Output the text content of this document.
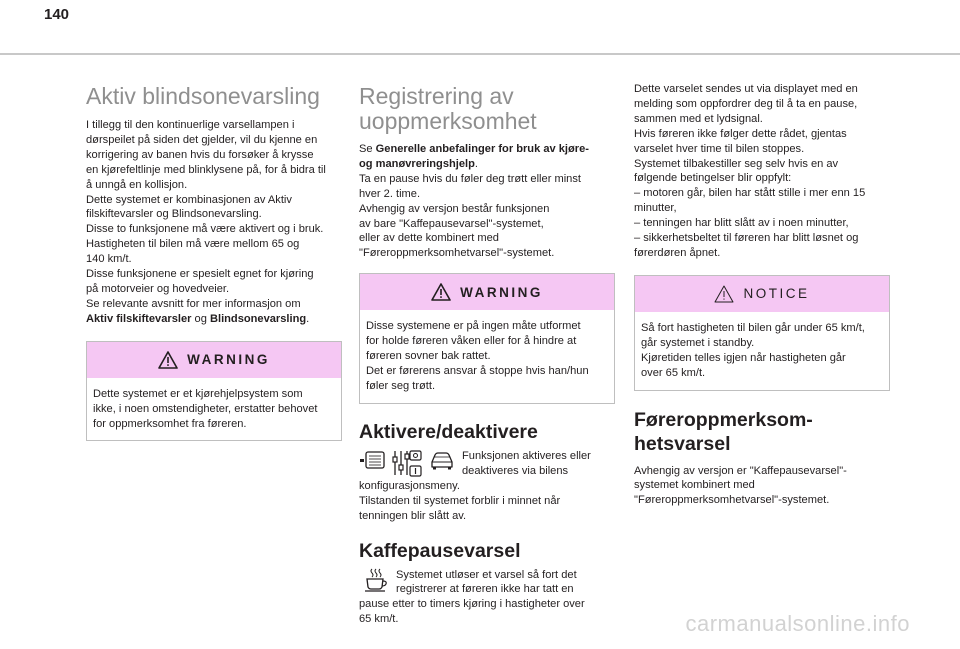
140
Aktiv blindsonevarsling
I tillegg til den kontinuerlige varsellampen i
dørspeilet på siden det gjelder, vil du kjenne en
korrigering av banen hvis du forsøker å krysse
en kjørefeltlinje med blinklysene på, for å bidra til
å unngå en kollisjon.
Dette systemet er kombinasjonen av Aktiv
filskiftevarsler og Blindsonevarsling.
Disse to funksjonene må være aktivert og i bruk.
Hastigheten til bilen må være mellom 65 og
140 km/t.
Disse funksjonene er spesielt egnet for kjøring
på motorveier og hovedveier.
Se relevante avsnitt for mer informasjon om
Aktiv filskiftevarsler og Blindsonevarsling.
WARNING
Dette systemet er et kjørehjelpsystem som
ikke, i noen omstendigheter, erstatter behovet
for oppmerksomhet fra føreren.
Registrering av
uoppmerksomhet
Se Generelle anbefalinger for bruk av kjøre-
og manøvreringshjelp.
Ta en pause hvis du føler deg trøtt eller minst
hver 2. time.
Avhengig av versjon består funksjonen
av bare "Kaffepausevarsel"-systemet,
eller av dette kombinert med
"Føreroppmerksomhetvarsel"-systemet.
WARNING
Disse systemene er på ingen måte utformet
for holde føreren våken eller for å hindre at
føreren sovner bak rattet.
Det er førerens ansvar å stoppe hvis han/hun
føler seg trøtt.
Aktivere/deaktivere
Funksjonen aktiveres eller
deaktiveres via bilens
konfigurasjonsmeny.
Tilstanden til systemet forblir i minnet når
tenningen blir slått av.
Kaffepausevarsel
Systemet utløser et varsel så fort det
registrerer at føreren ikke har tatt en
pause etter to timers kjøring i hastigheter over
65 km/t.
Dette varselet sendes ut via displayet med en
melding som oppfordrer deg til å ta en pause,
sammen med et lydsignal.
Hvis føreren ikke følger dette rådet, gjentas
varselet hver time til bilen stoppes.
Systemet tilbakestiller seg selv hvis en av
følgende betingelser blir oppfylt:
– motoren går, bilen har stått stille i mer enn 15
minutter,
– tenningen har blitt slått av i noen minutter,
– sikkerhetsbeltet til føreren har blitt løsnet og
førerdøren åpnet.
NOTICE
Så fort hastigheten til bilen går under 65 km/t,
går systemet i standby.
Kjøretiden telles igjen når hastigheten går
over 65 km/t.
Føreroppmerksom-
hetsvarsel
Avhengig av versjon er "Kaffepausevarsel"-
systemet kombinert med
"Føreroppmerksomhetvarsel"-systemet.
carmanualsonline.info
